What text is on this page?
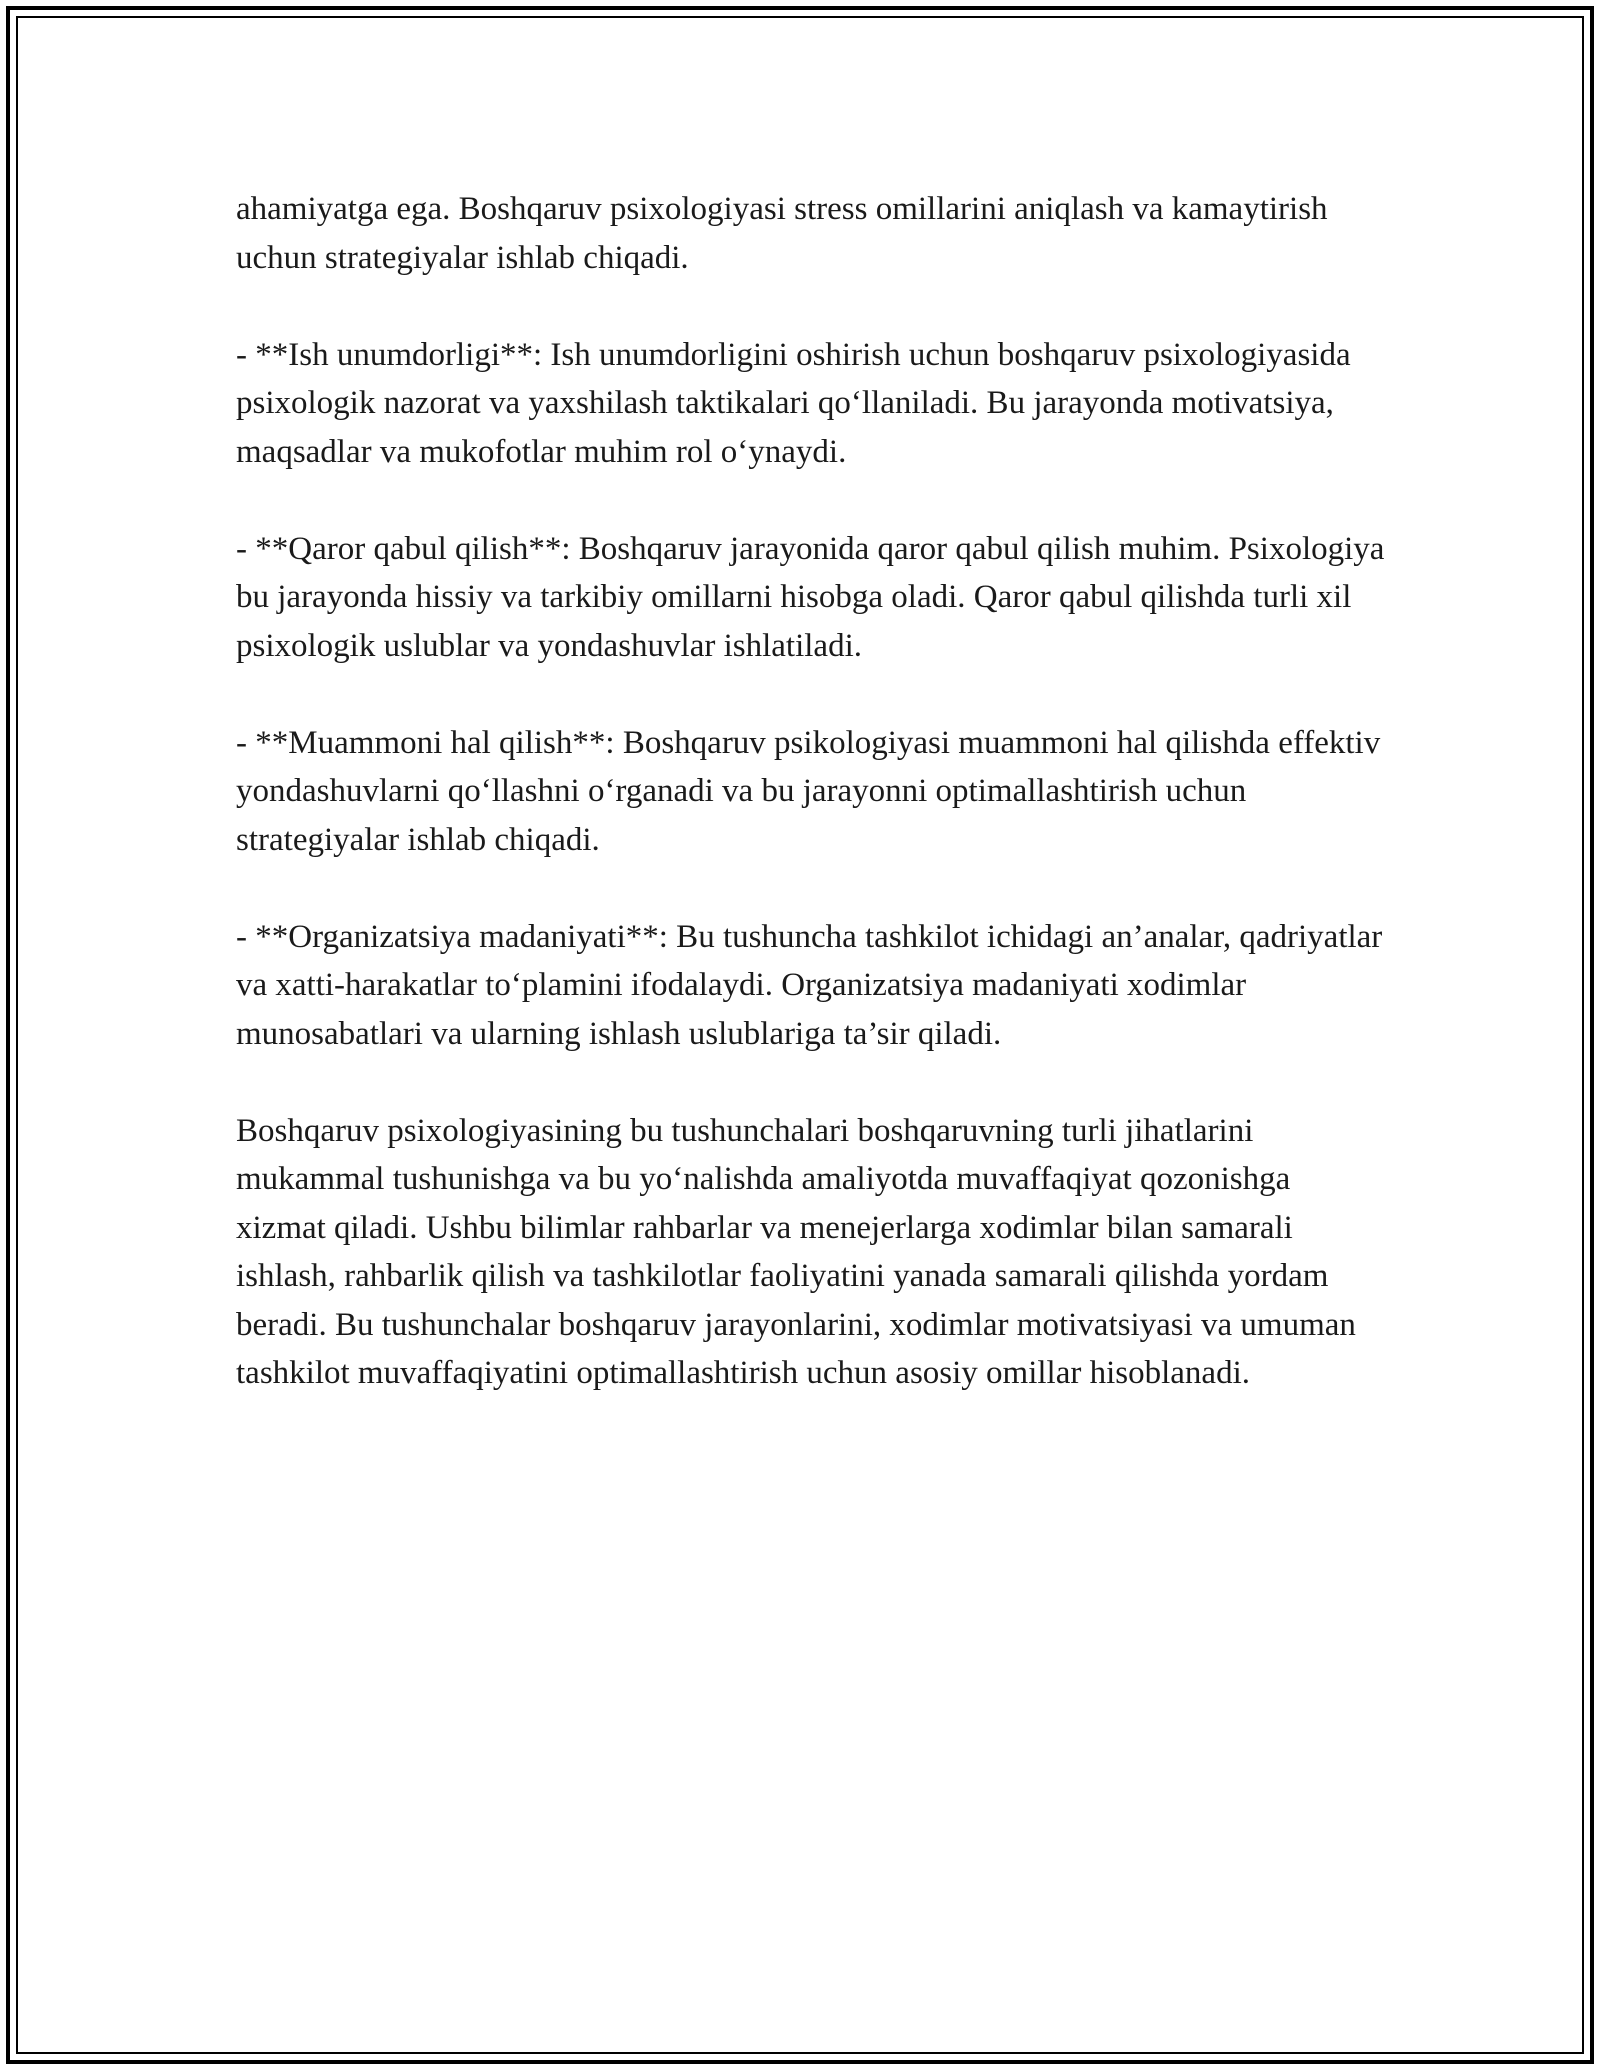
ahamiyatga ega. Boshqaruv psixologiyasi stress omillarini aniqlash va kamaytirish uchun strategiyalar ishlab chiqadi.

- **Ish unumdorligi**: Ish unumdorligini oshirish uchun boshqaruv psixologiyasida psixologik nazorat va yaxshilash taktikalari qo‘llaniladi. Bu jarayonda motivatsiya, maqsadlar va mukofotlar muhim rol o‘ynaydi.

- **Qaror qabul qilish**: Boshqaruv jarayonida qaror qabul qilish muhim. Psixologiya bu jarayonda hissiy va tarkibiy omillarni hisobga oladi. Qaror qabul qilishda turli xil psixologik uslublar va yondashuvlar ishlatiladi.

- **Muammoni hal qilish**: Boshqaruv psikologiyasi muammoni hal qilishda effektiv yondashuvlarni qo‘llashni o‘rganadi va bu jarayonni optimallashtirish uchun strategiyalar ishlab chiqadi.

- **Organizatsiya madaniyati**: Bu tushuncha tashkilot ichidagi an’analar, qadriyatlar va xatti-harakatlar to‘plamini ifodalaydi. Organizatsiya madaniyati xodimlar munosabatlari va ularning ishlash uslublariga ta’sir qiladi.

Boshqaruv psixologiyasining bu tushunchalari boshqaruvning turli jihatlarini mukammal tushunishga va bu yo‘nalishda amaliyotda muvaffaqiyat qozonishga xizmat qiladi. Ushbu bilimlar rahbarlar va menejerlarga xodimlar bilan samarali ishlash, rahbarlik qilish va tashkilotlar faoliyatini yanada samarali qilishda yordam beradi. Bu tushunchalar boshqaruv jarayonlarini, xodimlar motivatsiyasi va umuman tashkilot muvaffaqiyatini optimallashtirish uchun asosiy omillar hisoblanadi.
